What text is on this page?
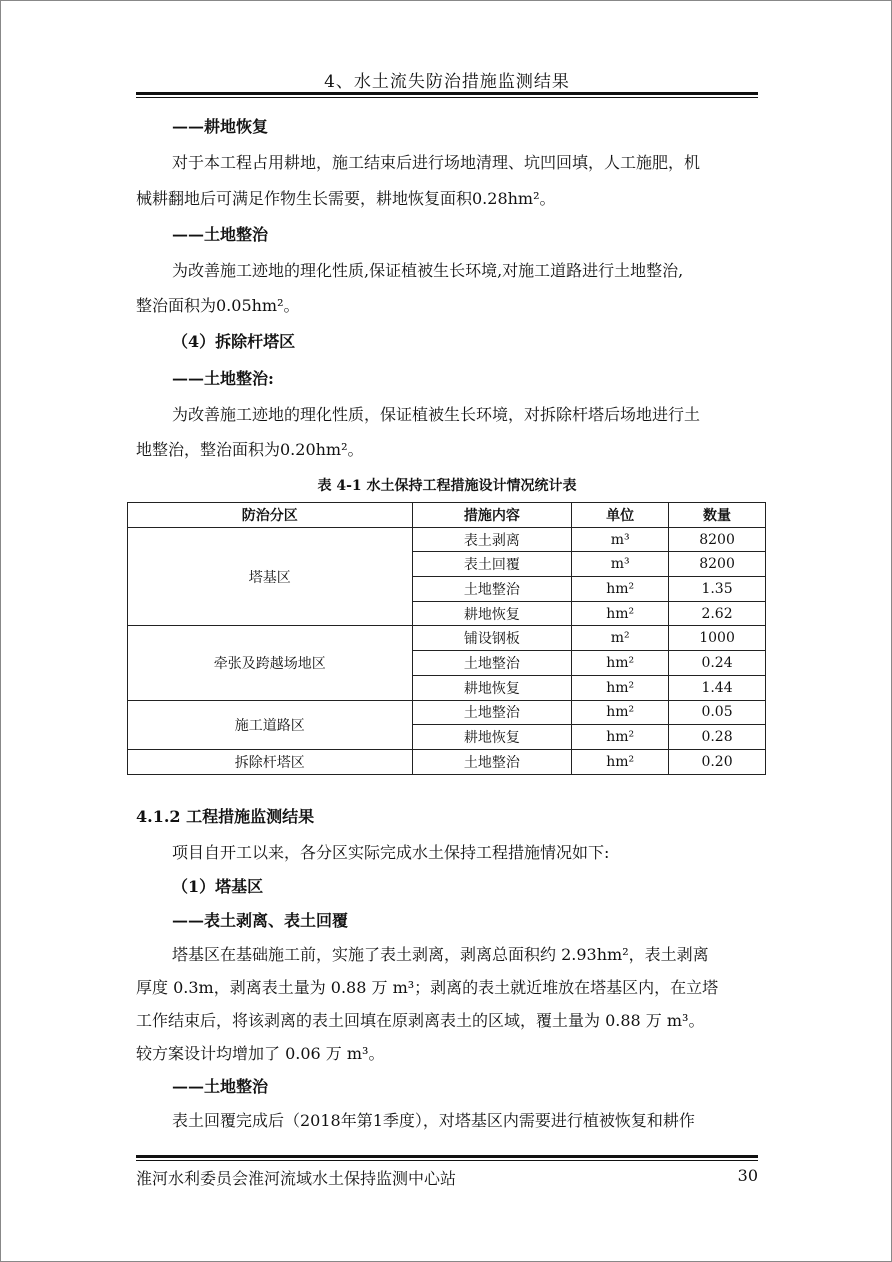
4、水土流失防治措施监测结果
——耕地恢复
对于本工程占用耕地，施工结束后进行场地清理、坑凹回填，人工施肥，机
械耕翻地后可满足作物生长需要，耕地恢复面积0.28hm²。
——土地整治
为改善施工迹地的理化性质,保证植被生长环境,对施工道路进行土地整治,
整治面积为0.05hm²。
（4）拆除杆塔区
——土地整治:
为改善施工迹地的理化性质，保证植被生长环境，对拆除杆塔后场地进行土
地整治，整治面积为0.20hm²。
表 4-1 水土保持工程措施设计情况统计表
防治分区	措施内容	单位	数量
塔基区	表土剥离	m³	8200
	表土回覆	m³	8200
	土地整治	hm²	1.35
	耕地恢复	hm²	2.62
牵张及跨越场地区	铺设钢板	m²	1000
	土地整治	hm²	0.24
	耕地恢复	hm²	1.44
施工道路区	土地整治	hm²	0.05
	耕地恢复	hm²	0.28
拆除杆塔区	土地整治	hm²	0.20
4.1.2 工程措施监测结果
项目自开工以来，各分区实际完成水土保持工程措施情况如下:
（1）塔基区
——表土剥离、表土回覆
塔基区在基础施工前，实施了表土剥离，剥离总面积约 2.93hm²，表土剥离
厚度 0.3m，剥离表土量为 0.88 万 m³；剥离的表土就近堆放在塔基区内，在立塔
工作结束后，将该剥离的表土回填在原剥离表土的区域，覆土量为 0.88 万 m³。
较方案设计均增加了 0.06 万 m³。
——土地整治
表土回覆完成后（2018年第1季度），对塔基区内需要进行植被恢复和耕作
淮河水利委员会淮河流域水土保持监测中心站	30
